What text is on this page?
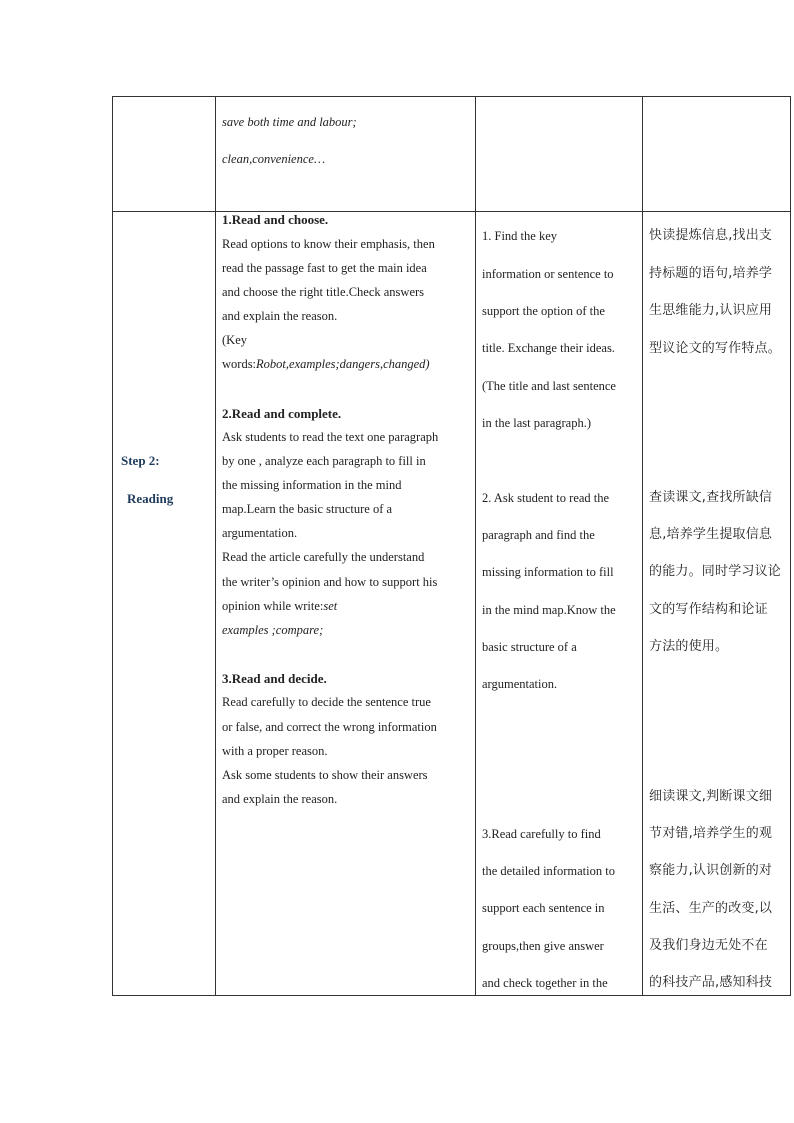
save both time and labour;
clean,convenience…
Step 2:
Reading
1.Read and choose.
Read options to know their emphasis, then
read the passage fast to get the main idea
and choose the right title.Check answers
and explain the reason.
(Key
words:Robot,examples;dangers,changed)
2.Read and complete.
Ask students to read the text one paragraph
by one , analyze each paragraph to fill in
the missing information in the mind
map.Learn the basic structure of a
argumentation.
Read the article carefully the understand
the writer’s opinion and how to support his
opinion while write:set
examples ;compare;
3.Read and decide.
Read carefully to decide the sentence true
or false, and correct the wrong information
with a proper reason.
Ask some students to show their answers
and explain the reason.
1. Find the key
information or sentence to
support the option of the
title. Exchange their ideas.
(The title and last sentence
in the last paragraph.)
2. Ask student to read the
paragraph and find the
missing information to fill
in the mind map.Know the
basic structure of a
argumentation.
3.Read carefully to find
the detailed information to
support each sentence in
groups,then give answer
and check together in the
快读提炼信息,找出支
持标题的语句,培养学
生思维能力,认识应用
型议论文的写作特点。
查读课文,查找所缺信
息,培养学生提取信息
的能力。同时学习议论
文的写作结构和论证
方法的使用。
细读课文,判断课文细
节对错,培养学生的观
察能力,认识创新的对
生活、生产的改变,以
及我们身边无处不在
的科技产品,感知科技
